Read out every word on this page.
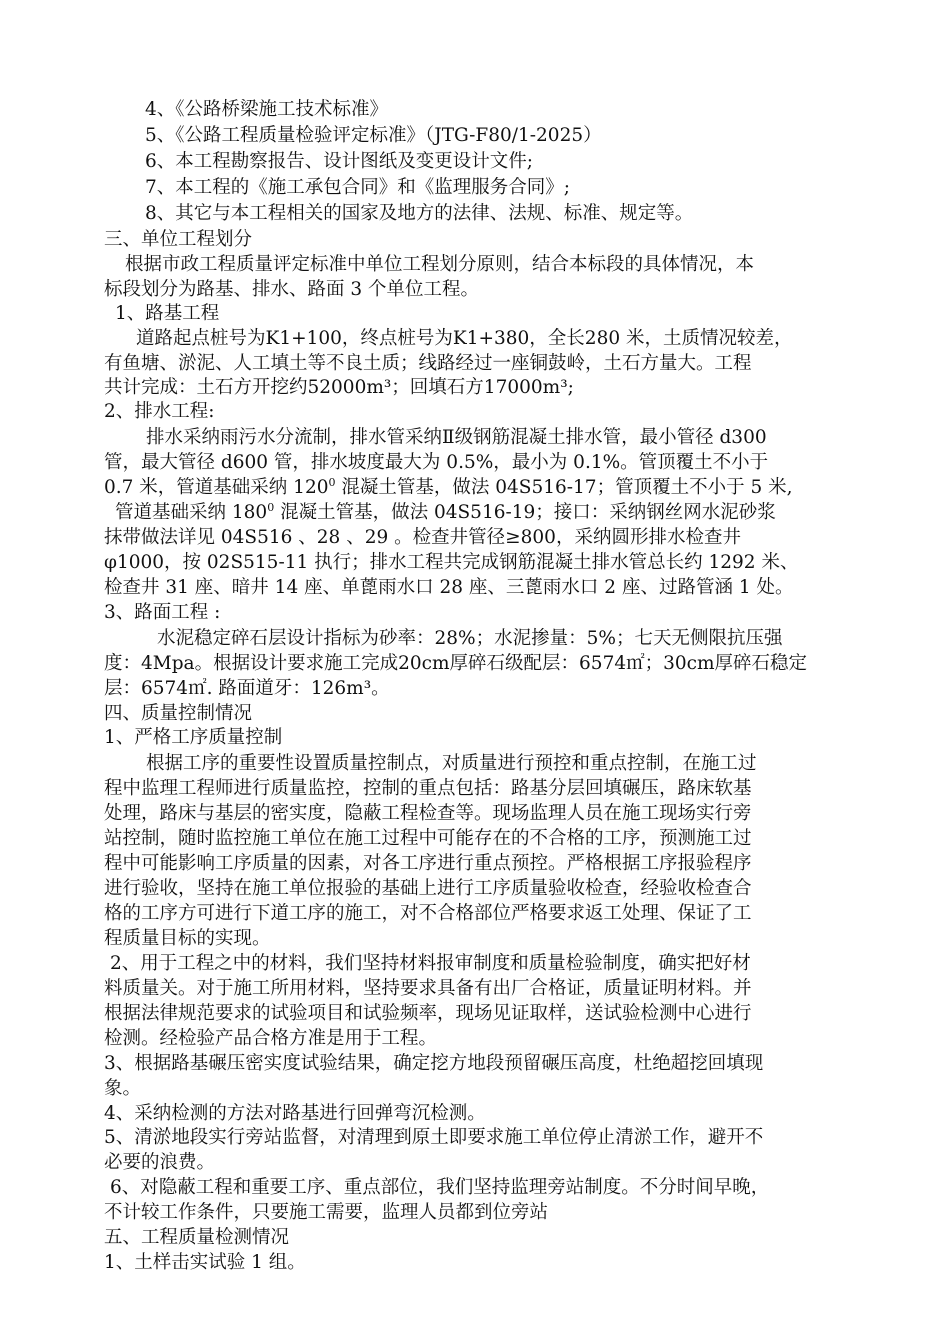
4、《公路桥梁施工技术标准》
5、《公路工程质量检验评定标准》（JTG-F80/1-2025）
6、本工程勘察报告、设计图纸及变更设计文件;
7、本工程的《施工承包合同》和《监理服务合同》;
8、其它与本工程相关的国家及地方的法律、法规、标准、规定等。
三、单位工程划分
根据市政工程质量评定标准中单位工程划分原则，结合本标段的具体情况，本
标段划分为路基、排水、路面 3 个单位工程。
1、路基工程
道路起点桩号为K1+100，终点桩号为K1+380，全长280 米，土质情况较差，
有鱼塘、淤泥、人工填土等不良土质；线路经过一座铜鼓岭，土石方量大。工程
共计完成：土石方开挖约52000m³；回填石方17000m³;
2、排水工程:
排水采纳雨污水分流制，排水管采纳Ⅱ级钢筋混凝土排水管，最小管径 d300
管，最大管径 d600 管，排水坡度最大为 0.5%，最小为 0.1%。管顶覆土不小于
0.7 米，管道基础采纳 $120^0$ 混凝土管基，做法 04S516-17；管顶覆土不小于 5 米,
管道基础采纳 $180^0$ 混凝土管基，做法 04S516-19；接口：采纳钢丝网水泥砂浆
抹带做法详见 04S516 、28 、29 。检查井管径≥800，采纳圆形排水检查井
φ1000，按 02S515-11 执行；排水工程共完成钢筋混凝土排水管总长约 1292 米、
检查井 31 座、暗井 14 座、单蓖雨水口 28 座、三蓖雨水口 2 座、过路管涵 1 处。
3、路面工程 :
水泥稳定碎石层设计指标为砂率：28%；水泥掺量：5%；七天无侧限抗压强
度：4Mpa。根据设计要求施工完成20cm厚碎石级配层：6574㎡；30cm厚碎石稳定
层：6574㎡. 路面道牙：126m³。
四、质量控制情况
1、严格工序质量控制
根据工序的重要性设置质量控制点，对质量进行预控和重点控制，在施工过
程中监理工程师进行质量监控，控制的重点包括：路基分层回填碾压，路床软基
处理，路床与基层的密实度，隐蔽工程检查等。现场监理人员在施工现场实行旁
站控制，随时监控施工单位在施工过程中可能存在的不合格的工序，预测施工过
程中可能影响工序质量的因素，对各工序进行重点预控。严格根据工序报验程序
进行验收，坚持在施工单位报验的基础上进行工序质量验收检查，经验收检查合
格的工序方可进行下道工序的施工，对不合格部位严格要求返工处理、保证了工
程质量目标的实现。
2、用于工程之中的材料，我们坚持材料报审制度和质量检验制度，确实把好材
料质量关。对于施工所用材料，坚持要求具备有出厂合格证，质量证明材料。并
根据法律规范要求的试验项目和试验频率，现场见证取样，送试验检测中心进行
检测。经检验产品合格方准是用于工程。
3、根据路基碾压密实度试验结果，确定挖方地段预留碾压高度，杜绝超挖回填现
象。
4、采纳检测的方法对路基进行回弹弯沉检测。
5、清淤地段实行旁站监督，对清理到原土即要求施工单位停止清淤工作，避开不
必要的浪费。
6、对隐蔽工程和重要工序、重点部位，我们坚持监理旁站制度。不分时间早晚，
不计较工作条件，只要施工需要，监理人员都到位旁站
五、工程质量检测情况
1、土样击实试验 1 组。
